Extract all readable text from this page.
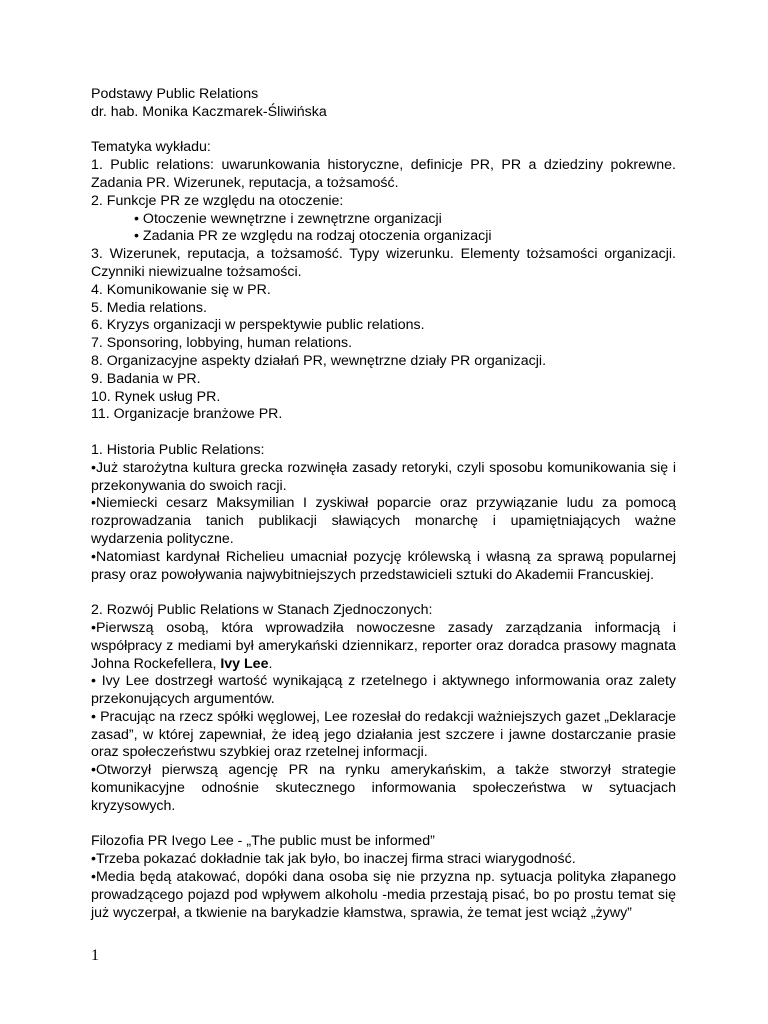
Podstawy Public Relations

dr. hab. Monika Kaczmarek-Śliwińska

Tematyka wykładu:

1. Public relations: uwarunkowania historyczne, definicje PR, PR a dziedziny pokrewne. Zadania PR. Wizerunek, reputacja, a tożsamość.

2. Funkcje PR ze względu na otoczenie:

• Otoczenie wewnętrzne i zewnętrzne organizacji

• Zadania PR ze względu na rodzaj otoczenia organizacji

3. Wizerunek, reputacja, a tożsamość. Typy wizerunku. Elementy tożsamości organizacji. Czynniki niewizualne tożsamości.

4. Komunikowanie się w PR.

5. Media relations.

6. Kryzys organizacji w perspektywie public relations.

7. Sponsoring, lobbying, human relations.

8. Organizacyjne aspekty działań PR, wewnętrzne działy PR organizacji.

9. Badania w PR.

10. Rynek usług PR.

11. Organizacje branżowe PR.

1. Historia Public Relations:

•Już starożytna kultura grecka rozwinęła zasady retoryki, czyli sposobu komunikowania się i przekonywania do swoich racji.

•Niemiecki cesarz Maksymilian I zyskiwał poparcie oraz przywiązanie ludu za pomocą rozprowadzania tanich publikacji sławiących monarchę i upamiętniających ważne wydarzenia polityczne.

•Natomiast kardynał Richelieu umacniał pozycję królewską i własną za sprawą popularnej prasy oraz powoływania najwybitniejszych przedstawicieli sztuki do Akademii Francuskiej.

2. Rozwój Public Relations w Stanach Zjednoczonych:

•Pierwszą osobą, która wprowadziła nowoczesne zasady zarządzania informacją i współpracy z mediami był amerykański dziennikarz, reporter oraz doradca prasowy magnata Johna Rockefellera, Ivy Lee.

• Ivy Lee dostrzegł wartość wynikającą z rzetelnego i aktywnego informowania oraz zalety przekonujących argumentów.

• Pracując na rzecz spółki węglowej, Lee rozesłał do redakcji ważniejszych gazet „Deklaracje zasad”, w której zapewniał, że ideą jego działania jest szczere i jawne dostarczanie prasie oraz społeczeństwu szybkiej oraz rzetelnej informacji.

•Otworzył pierwszą agencję PR na rynku amerykańskim, a także stworzył strategie komunikacyjne odnośnie skutecznego informowania społeczeństwa w sytuacjach kryzysowych.

Filozofia PR Ivego Lee - „The public must be informed”

•Trzeba pokazać dokładnie tak jak było, bo inaczej firma straci wiarygodność.

•Media będą atakować, dopóki dana osoba się nie przyzna np. sytuacja polityka złapanego prowadzącego pojazd pod wpływem alkoholu -media przestają pisać, bo po prostu temat się już wyczerpał, a tkwienie na barykadzie kłamstwa, sprawia, że temat jest wciąż „żywy”

1
